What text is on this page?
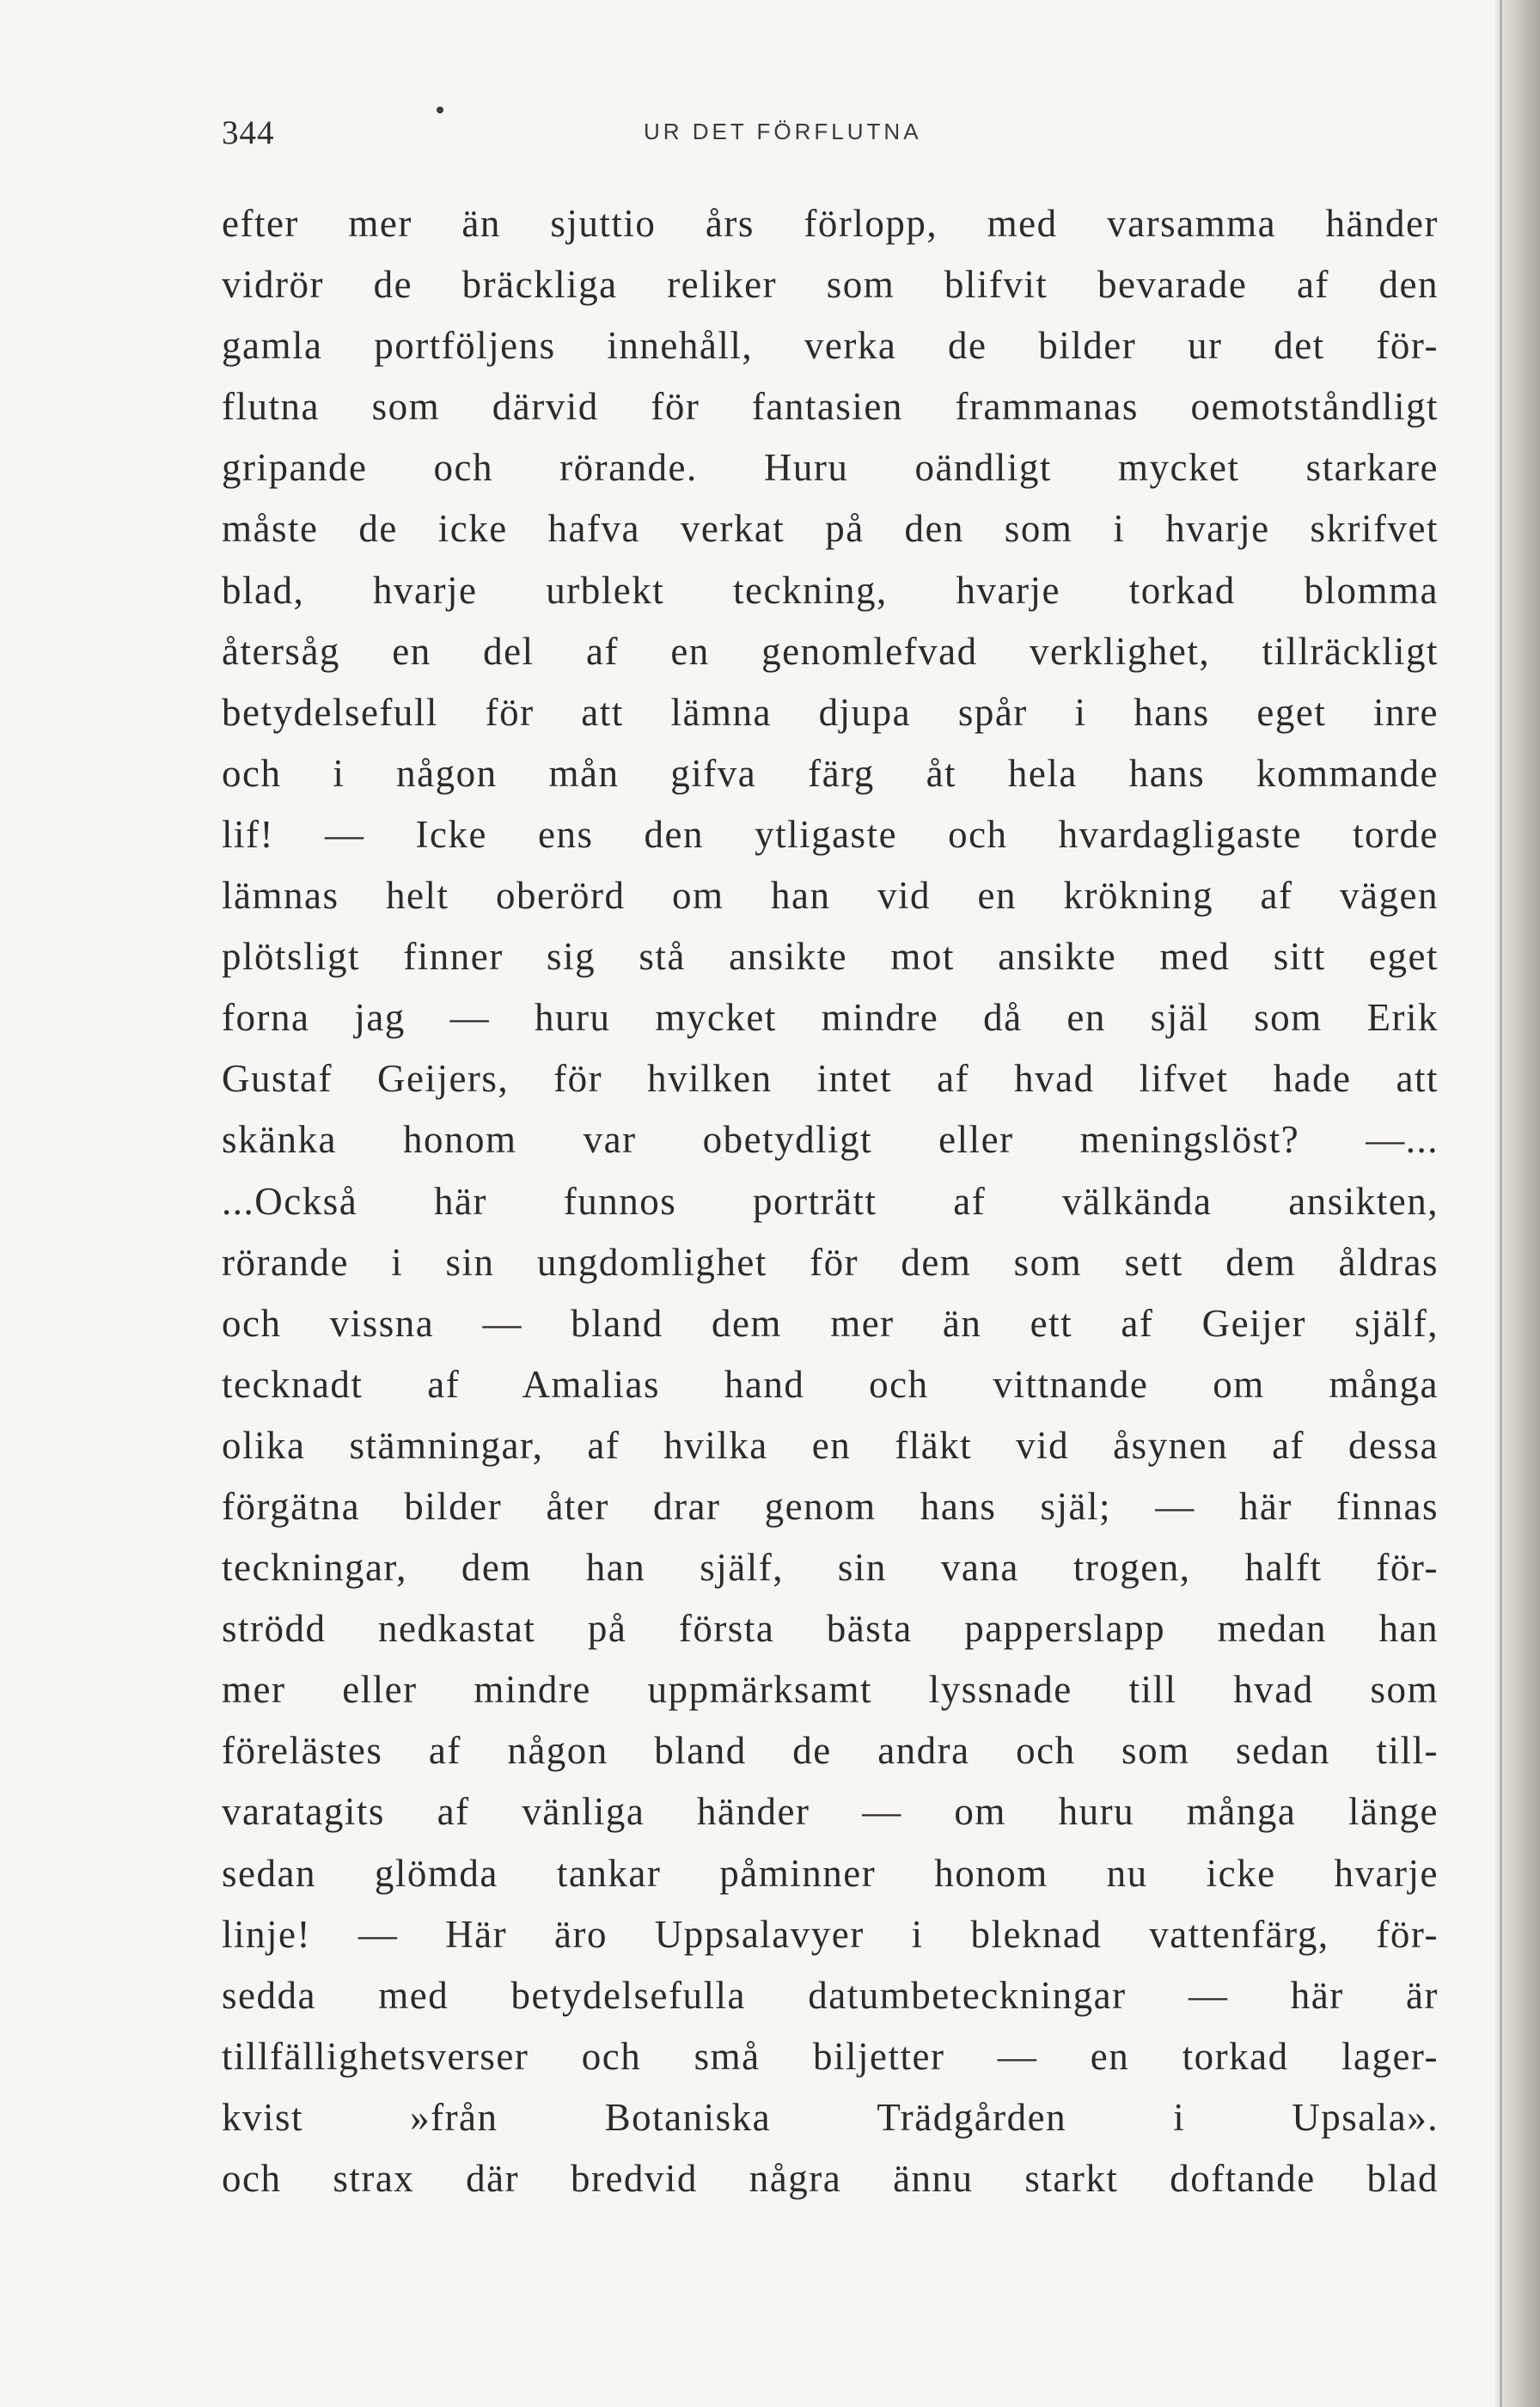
344	UR DET FÖRFLUTNA
efter mer än sjuttio års förlopp, med varsamma händer
vidrör de bräckliga reliker som blifvit bevarade af den
gamla portföljens innehåll, verka de bilder ur det för-
flutna som därvid för fantasien frammanas oemotståndligt
gripande och rörande. Huru oändligt mycket starkare
måste de icke hafva verkat på den som i hvarje skrifvet
blad, hvarje urblekt teckning, hvarje torkad blomma
återsåg en del af en genomlefvad verklighet, tillräckligt
betydelsefull för att lämna djupa spår i hans eget inre
och i någon mån gifva färg åt hela hans kommande
lif! — Icke ens den ytligaste och hvardagligaste torde
lämnas helt oberörd om han vid en krökning af vägen
plötsligt finner sig stå ansikte mot ansikte med sitt eget
forna jag — huru mycket mindre då en själ som Erik
Gustaf Geijers, för hvilken intet af hvad lifvet hade att
skänka honom var obetydligt eller meningslöst? —...
...Också här funnos porträtt af välkända ansikten,
rörande i sin ungdomlighet för dem som sett dem åldras
och vissna — bland dem mer än ett af Geijer själf,
tecknadt af Amalias hand och vittnande om många
olika stämningar, af hvilka en fläkt vid åsynen af dessa
förgätna bilder åter drar genom hans själ; — här finnas
teckningar, dem han själf, sin vana trogen, halft för-
strödd nedkastat på första bästa papperslapp medan han
mer eller mindre uppmärksamt lyssnade till hvad som
förelästes af någon bland de andra och som sedan till-
varatagits af vänliga händer — om huru många länge
sedan glömda tankar påminner honom nu icke hvarje
linje! — Här äro Uppsalavyer i bleknad vattenfärg, för-
sedda med betydelsefulla datumbeteckningar — här är
tillfällighetsverser och små biljetter — en torkad lager-
kvist »från Botaniska Trädgården i Upsala».
och strax där bredvid några ännu starkt doftande blad
